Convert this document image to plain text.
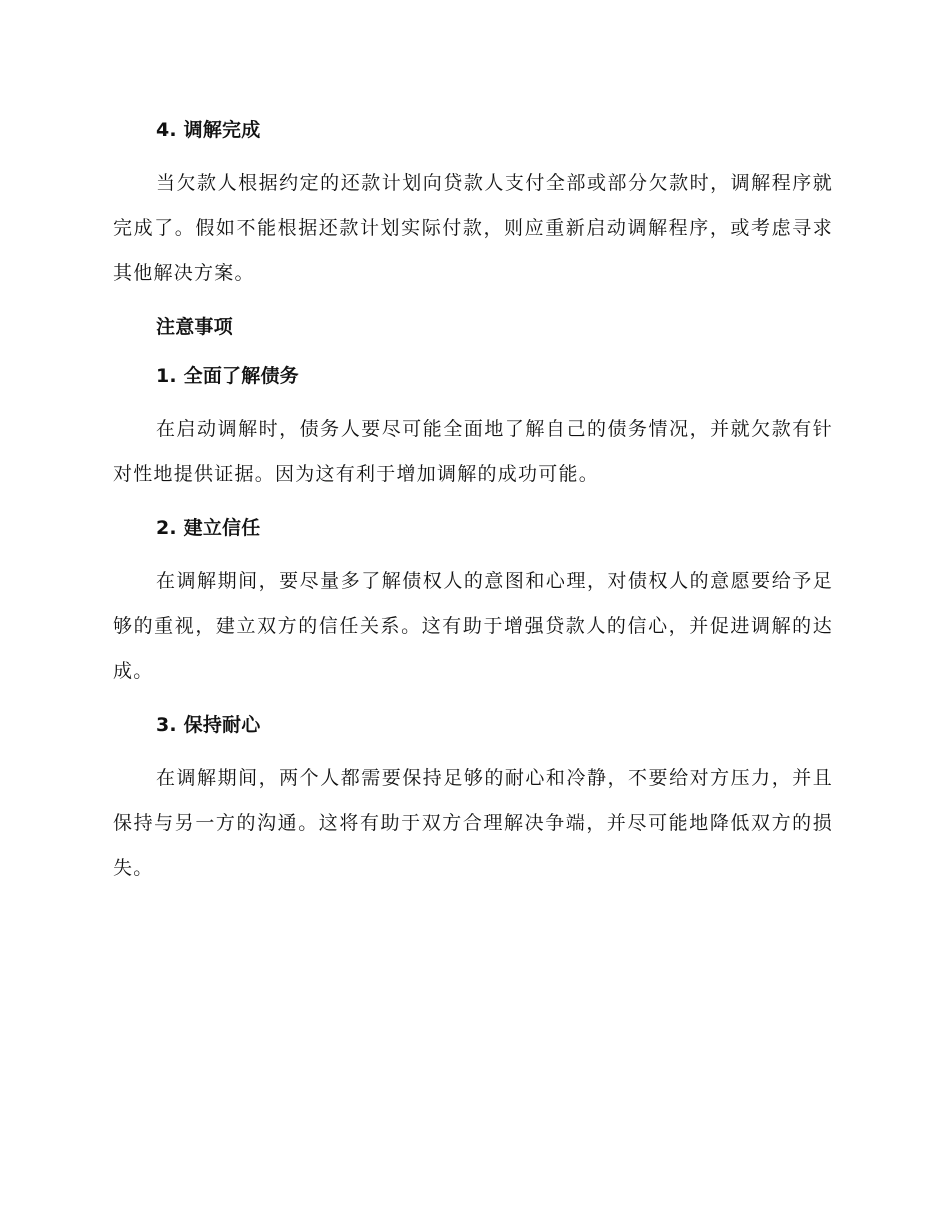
4. 调解完成

当欠款人根据约定的还款计划向贷款人支付全部或部分欠款时，调解程序就完成了。假如不能根据还款计划实际付款，则应重新启动调解程序，或考虑寻求其他解决方案。

注意事项
1. 全面了解债务

在启动调解时，债务人要尽可能全面地了解自己的债务情况，并就欠款有针对性地提供证据。因为这有利于增加调解的成功可能。

2. 建立信任

在调解期间，要尽量多了解债权人的意图和心理，对债权人的意愿要给予足够的重视，建立双方的信任关系。这有助于增强贷款人的信心，并促进调解的达成。

3. 保持耐心

在调解期间，两个人都需要保持足够的耐心和冷静，不要给对方压力，并且保持与另一方的沟通。这将有助于双方合理解决争端，并尽可能地降低双方的损失。
